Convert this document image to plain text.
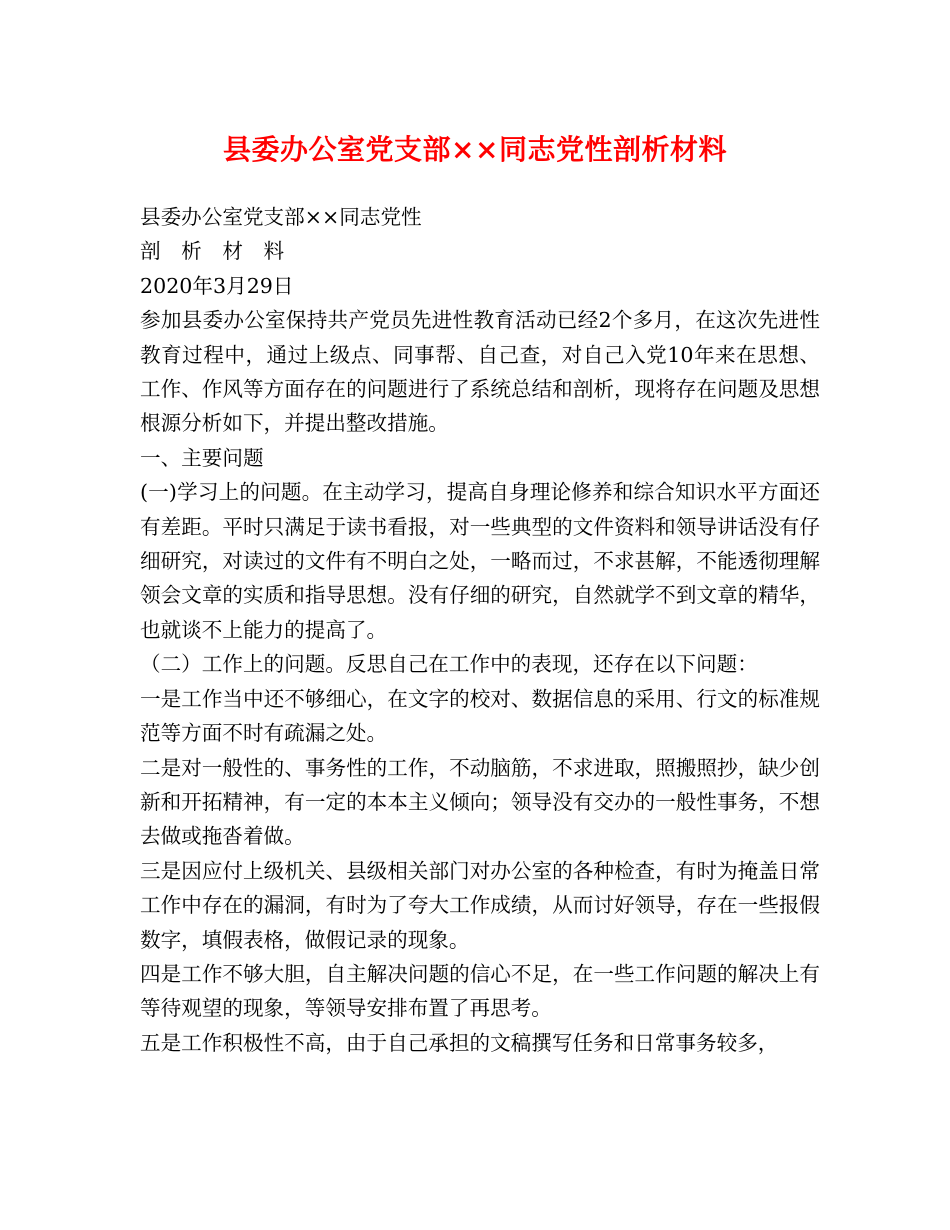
县委办公室党支部××同志党性剖析材料

县委办公室党支部××同志党性

剖　析　材　料

2020年3月29日

参加县委办公室保持共产党员先进性教育活动已经2个多月，在这次先进性教育过程中，通过上级点、同事帮、自己查，对自己入党10年来在思想、工作、作风等方面存在的问题进行了系统总结和剖析，现将存在问题及思想根源分析如下，并提出整改措施。

一、主要问题

(一)学习上的问题。在主动学习，提高自身理论修养和综合知识水平方面还有差距。平时只满足于读书看报，对一些典型的文件资料和领导讲话没有仔细研究，对读过的文件有不明白之处，一略而过，不求甚解，不能透彻理解领会文章的实质和指导思想。没有仔细的研究，自然就学不到文章的精华，也就谈不上能力的提高了。

（二）工作上的问题。反思自己在工作中的表现，还存在以下问题：

一是工作当中还不够细心，在文字的校对、数据信息的采用、行文的标准规范等方面不时有疏漏之处。

二是对一般性的、事务性的工作，不动脑筋，不求进取，照搬照抄，缺少创新和开拓精神，有一定的本本主义倾向；领导没有交办的一般性事务，不想去做或拖沓着做。

三是因应付上级机关、县级相关部门对办公室的各种检查，有时为掩盖日常工作中存在的漏洞，有时为了夸大工作成绩，从而讨好领导，存在一些报假数字，填假表格，做假记录的现象。

四是工作不够大胆，自主解决问题的信心不足，在一些工作问题的解决上有等待观望的现象，等领导安排布置了再思考。

五是工作积极性不高，由于自己承担的文稿撰写任务和日常事务较多，
